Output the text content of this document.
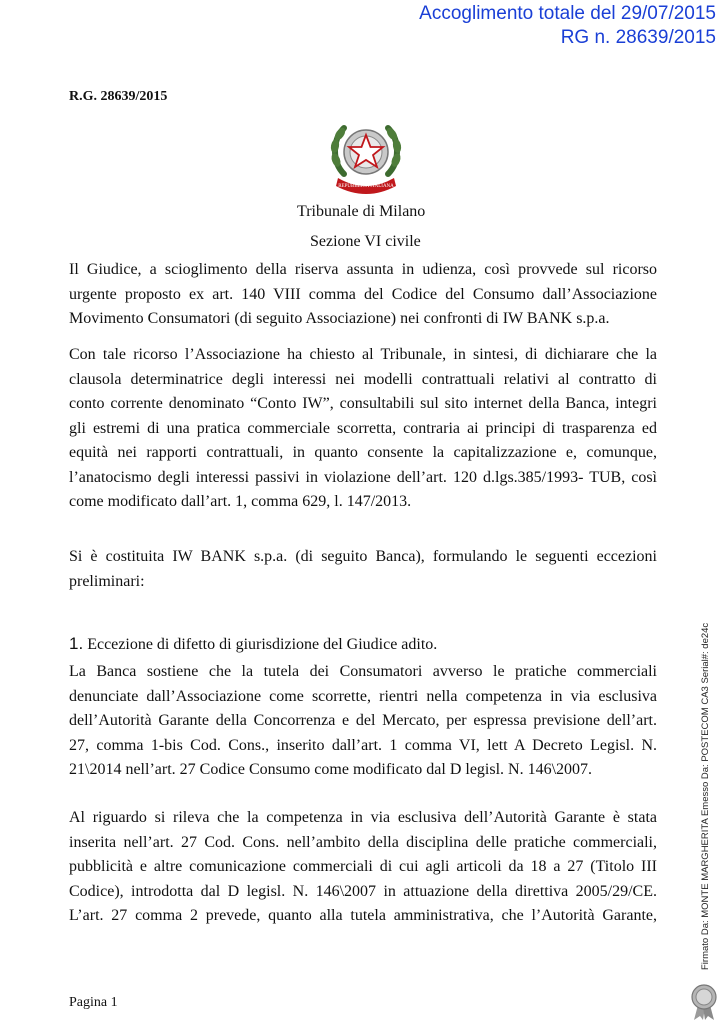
Accoglimento totale del 29/07/2015
RG n. 28639/2015
R.G. 28639/2015
REPUBBLICA ITALIANA
Tribunale di Milano
Sezione VI civile
Il Giudice, a scioglimento della riserva assunta in udienza, così provvede sul ricorso
urgente proposto ex art. 140 VIII comma del Codice del Consumo dall’Associazione

Movimento Consumatori (di seguito Associazione) nei confronti di IW BANK s.p.a.
Con tale ricorso l’Associazione ha chiesto al Tribunale, in sintesi, di dichiarare che la
clausola determinatrice degli interessi nei modelli contrattuali relativi al contratto di
conto corrente denominato “Conto IW”, consultabili sul sito internet della Banca, integri
gli estremi di una pratica commerciale scorretta, contraria ai principi di trasparenza ed
equità nei rapporti contrattuali, in quanto consente la capitalizzazione e, comunque,
l’anatocismo degli interessi passivi in violazione dell’art. 120 d.lgs.385/1993- TUB, così

come modificato dall’art. 1, comma 629, l. 147/2013.
Si è costituita IW BANK s.p.a. (di seguito Banca), formulando le seguenti eccezioni

preliminari:
1. Eccezione di difetto di giurisdizione del Giudice adito.
La Banca sostiene che la tutela dei Consumatori avverso le pratiche commerciali
denunciate dall’Associazione come scorrette, rientri nella competenza in via esclusiva
dell’Autorità Garante della Concorrenza e del Mercato, per espressa previsione dell’art.
27, comma 1-bis Cod. Cons., inserito dall’art. 1 comma VI, lett A Decreto Legisl. N.

21\2014 nell’art. 27 Codice Consumo come modificato dal D legisl. N. 146\2007.
Al riguardo si rileva che la competenza in via esclusiva dell’Autorità Garante è stata
inserita nell’art. 27 Cod. Cons. nell’ambito della disciplina delle pratiche commerciali,
pubblicità e altre comunicazione commerciali di cui agli articoli da 18 a 27 (Titolo III
Codice), introdotta dal D legisl. N. 146\2007 in attuazione della direttiva 2005/29/CE.
L’art. 27 comma 2 prevede, quanto alla tutela amministrativa, che l’Autorità Garante,
Pagina 1
Firmato Da: MONTE MARGHERITA Emesso Da: POSTECOM CA3 Serial#: de24c
